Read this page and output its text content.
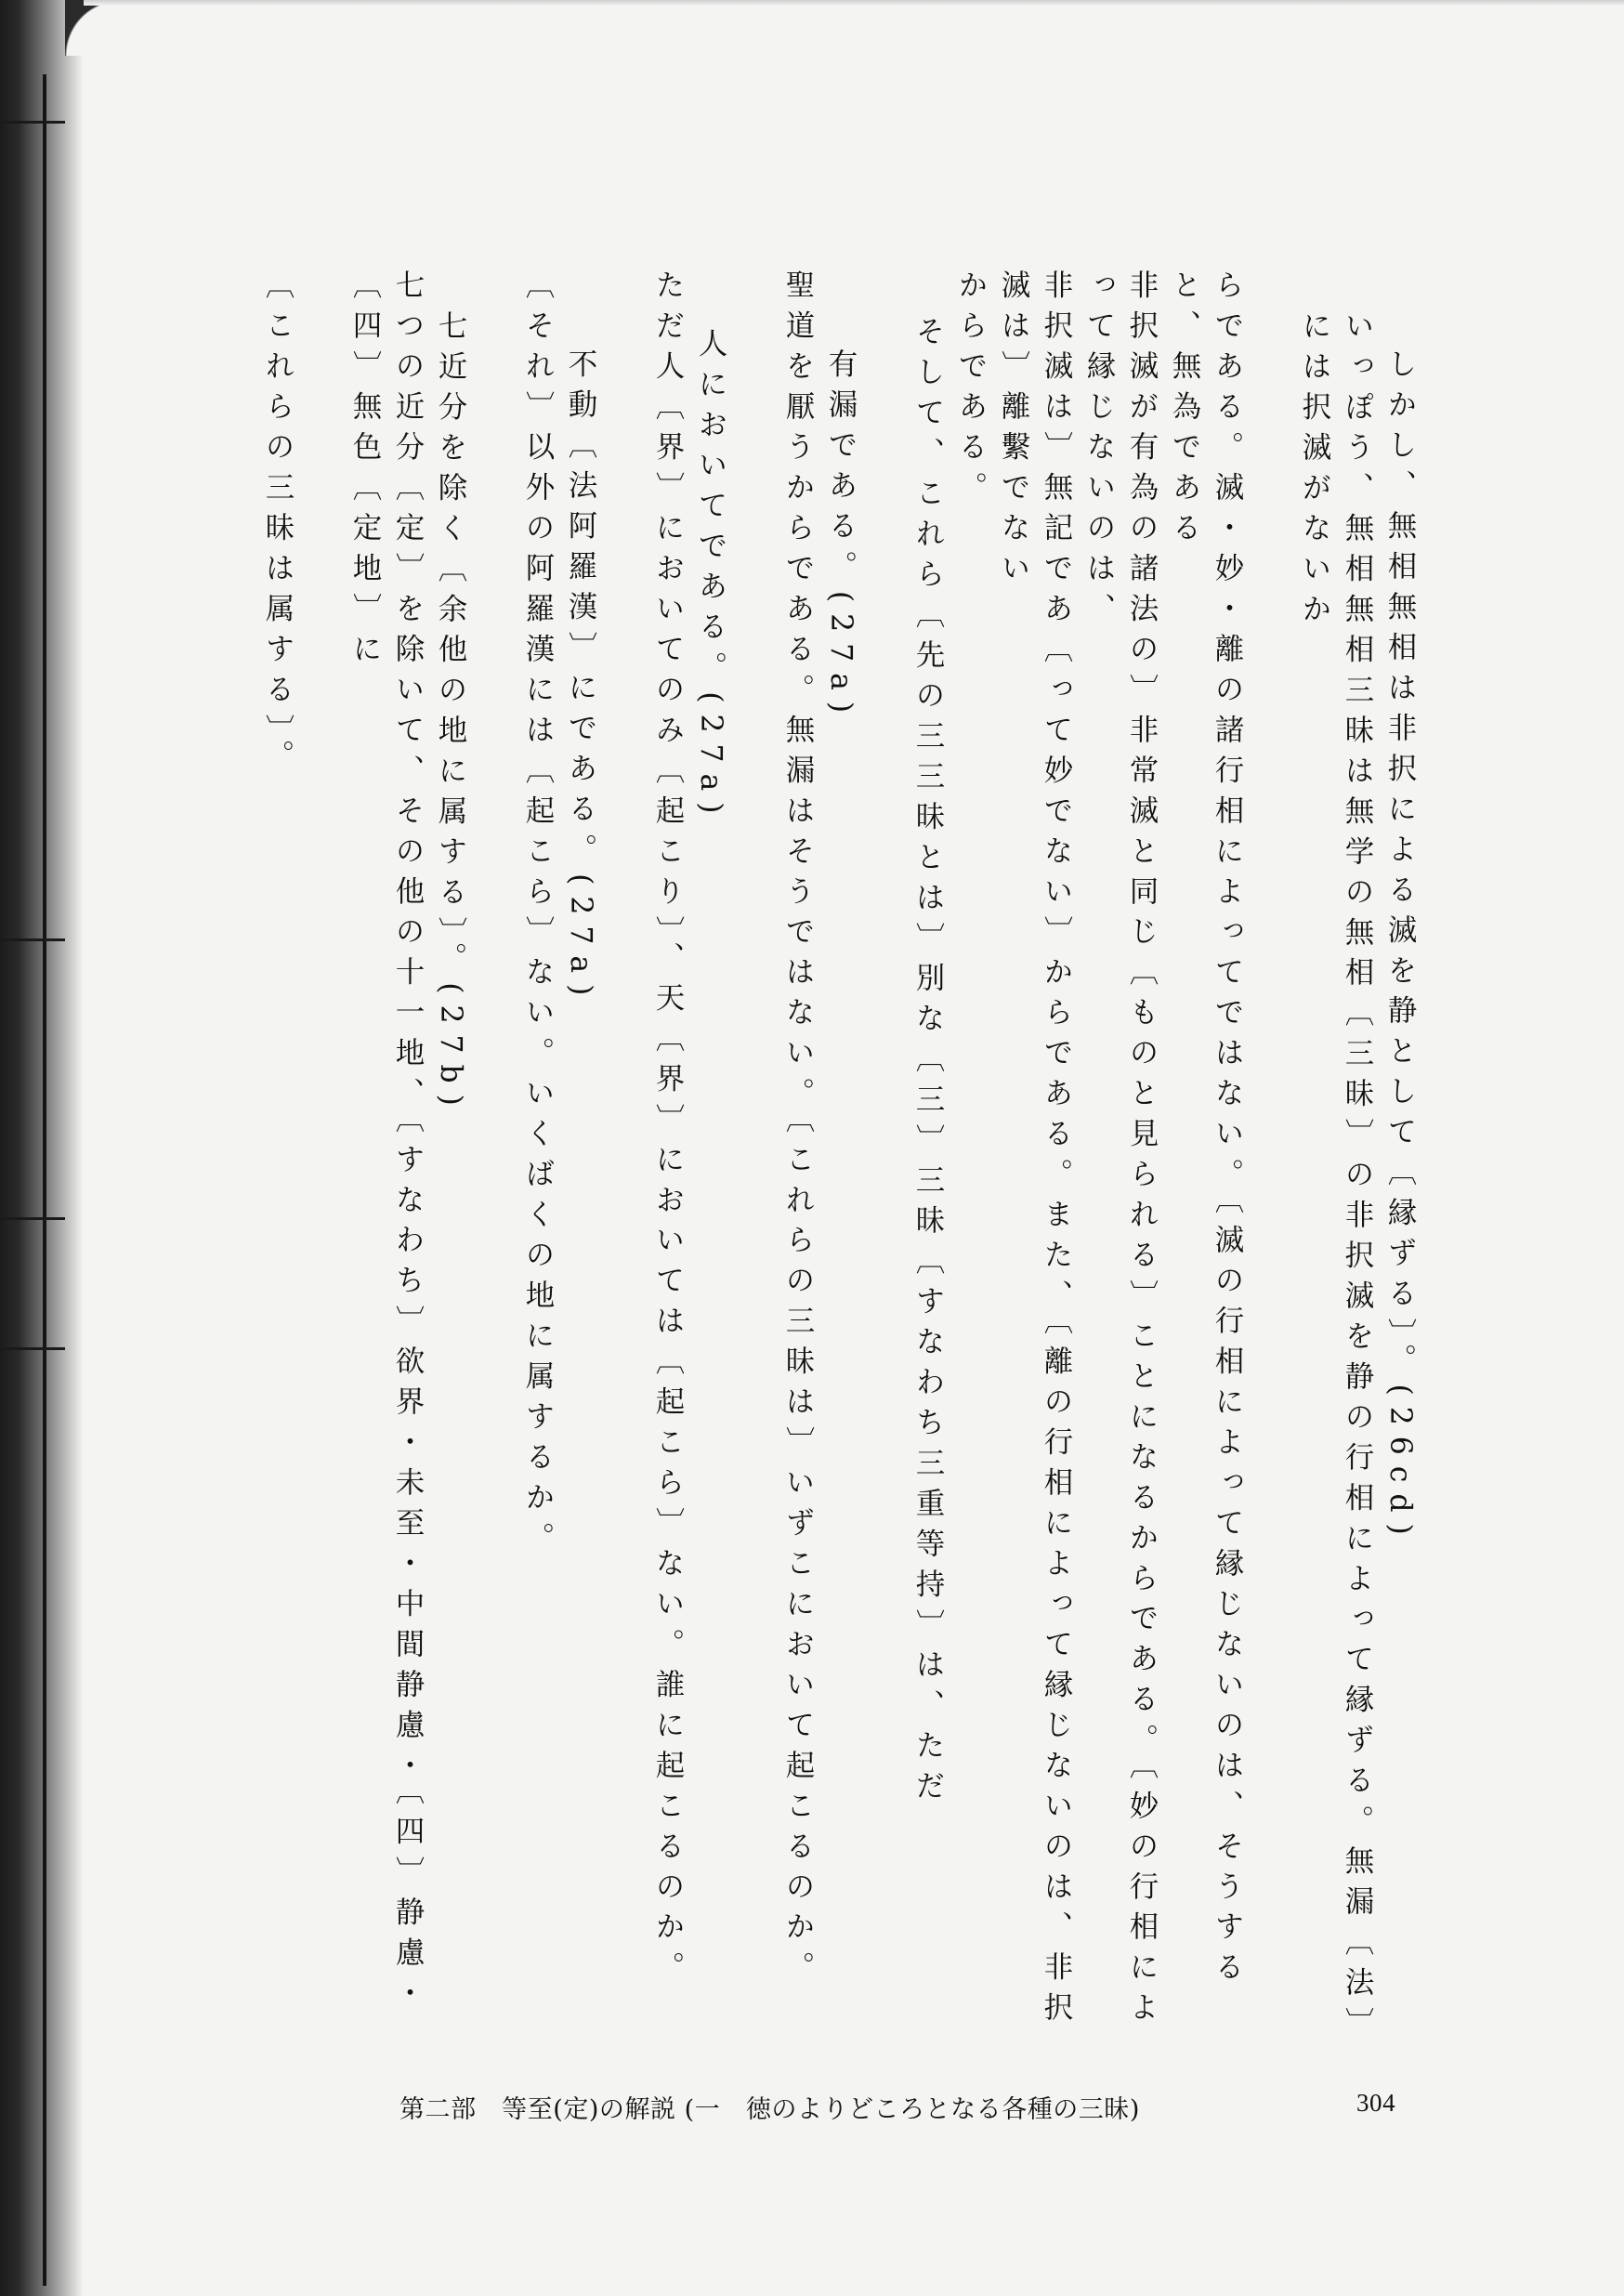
しかし、無相無相は非択による滅を静として〔縁ずる〕。(26cd)

いっぽう、無相無相三昧は無学の無相〔三昧〕の非択滅を静の行相によって縁ずる。無漏〔法〕には択滅がないか

らである。滅・妙・離の諸行相によってではない。〔滅の行相によって縁じないのは、そうすると、無為である

非択滅が有為の諸法の〕非常滅と同じ〔ものと見られる〕ことになるからである。〔妙の行相によって縁じないのは、

非択滅は〕無記であ〔って妙でない〕からである。また、〔離の行相によって縁じないのは、非択滅は〕離繫でない

からである。

そして、これら〔先の三三昧とは〕別な〔三〕三昧〔すなわち三重等持〕は、ただ

有漏である。(27a)

聖道を厭うからである。無漏はそうではない。〔これらの三昧は〕いずこにおいて起こるのか。

人においてである。(27a)

ただ人〔界〕においてのみ〔起こり〕、天〔界〕においては〔起こら〕ない。誰に起こるのか。

不動〔法阿羅漢〕にである。(27a)

〔それ〕以外の阿羅漢には〔起こら〕ない。いくばくの地に属するか。

七近分を除く〔余他の地に属する〕。(27b)

七つの近分〔定〕を除いて、その他の十一地、〔すなわち〕欲界・未至・中間静慮・〔四〕静慮・〔四〕無色〔定地〕に

〔これらの三昧は属する〕。

第二部　等至(定)の解説 (一　徳のよりどころとなる各種の三昧)	304
